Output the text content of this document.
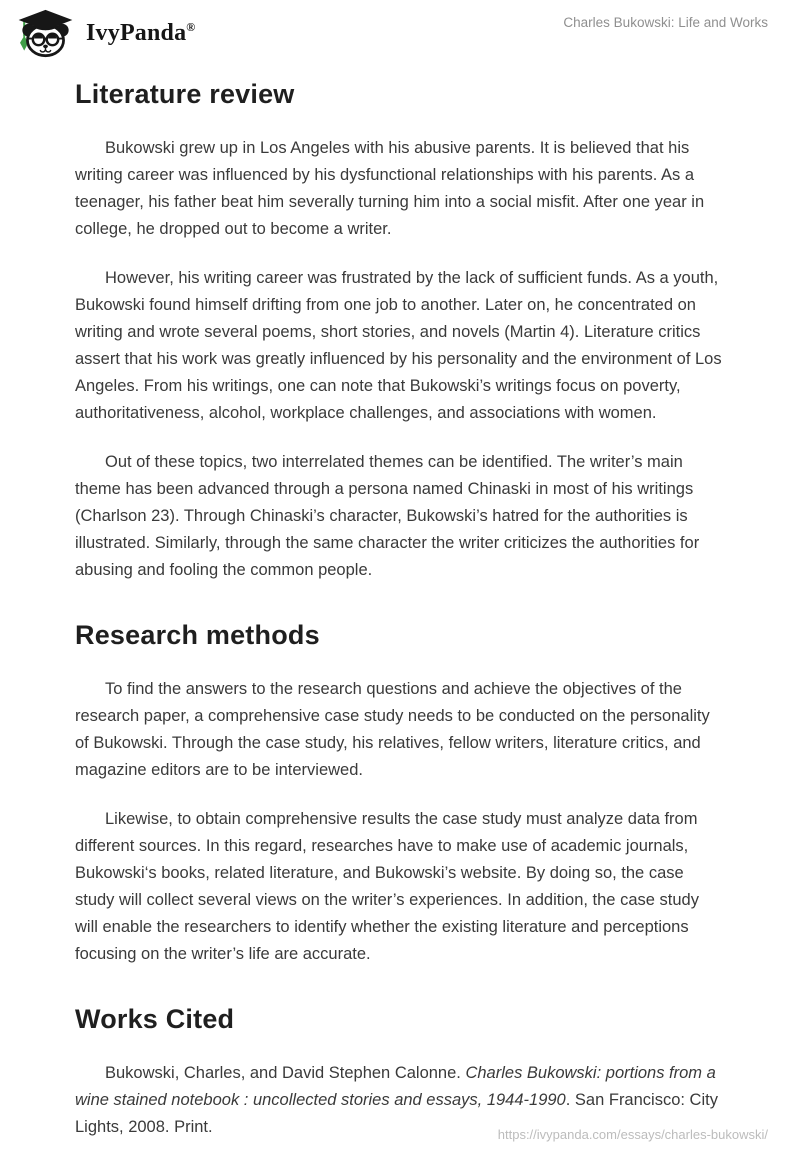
IvyPanda®	Charles Bukowski: Life and Works
Literature review

Bukowski grew up in Los Angeles with his abusive parents. It is believed that his writing career was influenced by his dysfunctional relationships with his parents. As a teenager, his father beat him severally turning him into a social misfit. After one year in college, he dropped out to become a writer.

However, his writing career was frustrated by the lack of sufficient funds. As a youth, Bukowski found himself drifting from one job to another. Later on, he concentrated on writing and wrote several poems, short stories, and novels (Martin 4). Literature critics assert that his work was greatly influenced by his personality and the environment of Los Angeles. From his writings, one can note that Bukowski’s writings focus on poverty, authoritativeness, alcohol, workplace challenges, and associations with women.

Out of these topics, two interrelated themes can be identified. The writer’s main theme has been advanced through a persona named Chinaski in most of his writings (Charlson 23). Through Chinaski’s character, Bukowski’s hatred for the authorities is illustrated. Similarly, through the same character the writer criticizes the authorities for abusing and fooling the common people.

Research methods

To find the answers to the research questions and achieve the objectives of the research paper, a comprehensive case study needs to be conducted on the personality of Bukowski. Through the case study, his relatives, fellow writers, literature critics, and magazine editors are to be interviewed.

Likewise, to obtain comprehensive results the case study must analyze data from different sources. In this regard, researches have to make use of academic journals, Bukowski‘s books, related literature, and Bukowski’s website. By doing so, the case study will collect several views on the writer’s experiences. In addition, the case study will enable the researchers to identify whether the existing literature and perceptions focusing on the writer’s life are accurate.

Works Cited

Bukowski, Charles, and David Stephen Calonne. Charles Bukowski: portions from a wine stained notebook : uncollected stories and essays, 1944-1990. San Francisco: City Lights, 2008. Print.	https://ivypanda.com/essays/charles-bukowski/
